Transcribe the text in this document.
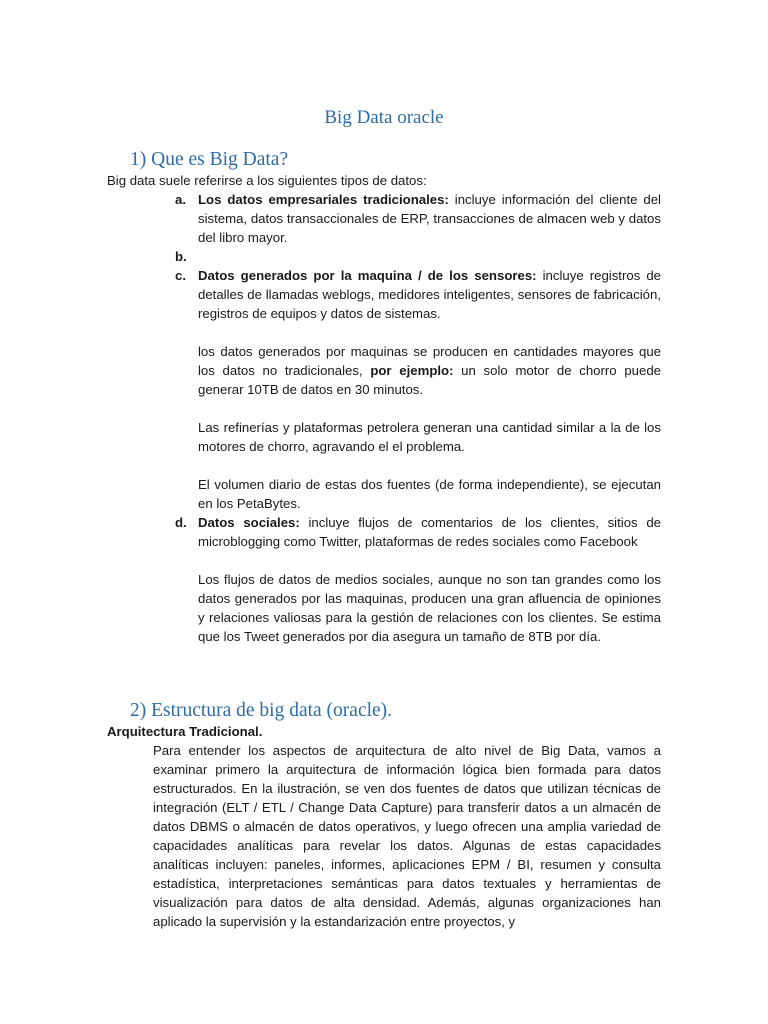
Big Data oracle
1) Que es Big Data?
Big data suele referirse a los siguientes tipos de datos:
a. Los datos empresariales tradicionales: incluye información del cliente del sistema, datos transaccionales de ERP, transacciones de almacen web y datos del libro mayor.
b.
c. Datos generados por la maquina / de los sensores: incluye registros de detalles de llamadas weblogs, medidores inteligentes, sensores de fabricación, registros de equipos y datos de sistemas.
los datos generados por maquinas se producen en cantidades mayores que los datos no tradicionales, por ejemplo: un solo motor de chorro puede generar 10TB de datos en 30 minutos.
Las refinerías y plataformas petrolera generan una cantidad similar a la de los motores de chorro, agravando el el problema.
El volumen diario de estas dos fuentes (de forma independiente), se ejecutan en los PetaBytes.
d. Datos sociales: incluye flujos de comentarios de los clientes, sitios de microblogging como Twitter, plataformas de redes sociales como Facebook
Los flujos de datos de medios sociales, aunque no son tan grandes como los datos generados por las maquinas, producen una gran afluencia de opiniones y relaciones valiosas para la gestión de relaciones con los clientes. Se estima que los Tweet generados por dia asegura un tamaño de 8TB por día.
2) Estructura de big data (oracle).
Arquitectura Tradicional.
Para entender los aspectos de arquitectura de alto nivel de Big Data, vamos a examinar primero la arquitectura de información lógica bien formada para datos estructurados. En la ilustración, se ven dos fuentes de datos que utilizan técnicas de integración (ELT / ETL / Change Data Capture) para transferir datos a un almacén de datos DBMS o almacén de datos operativos, y luego ofrecen una amplia variedad de capacidades analíticas para revelar los datos. Algunas de estas capacidades analíticas incluyen: paneles, informes, aplicaciones EPM / BI, resumen y consulta estadística, interpretaciones semánticas para datos textuales y herramientas de visualización para datos de alta densidad. Además, algunas organizaciones han aplicado la supervisión y la estandarización entre proyectos, y
